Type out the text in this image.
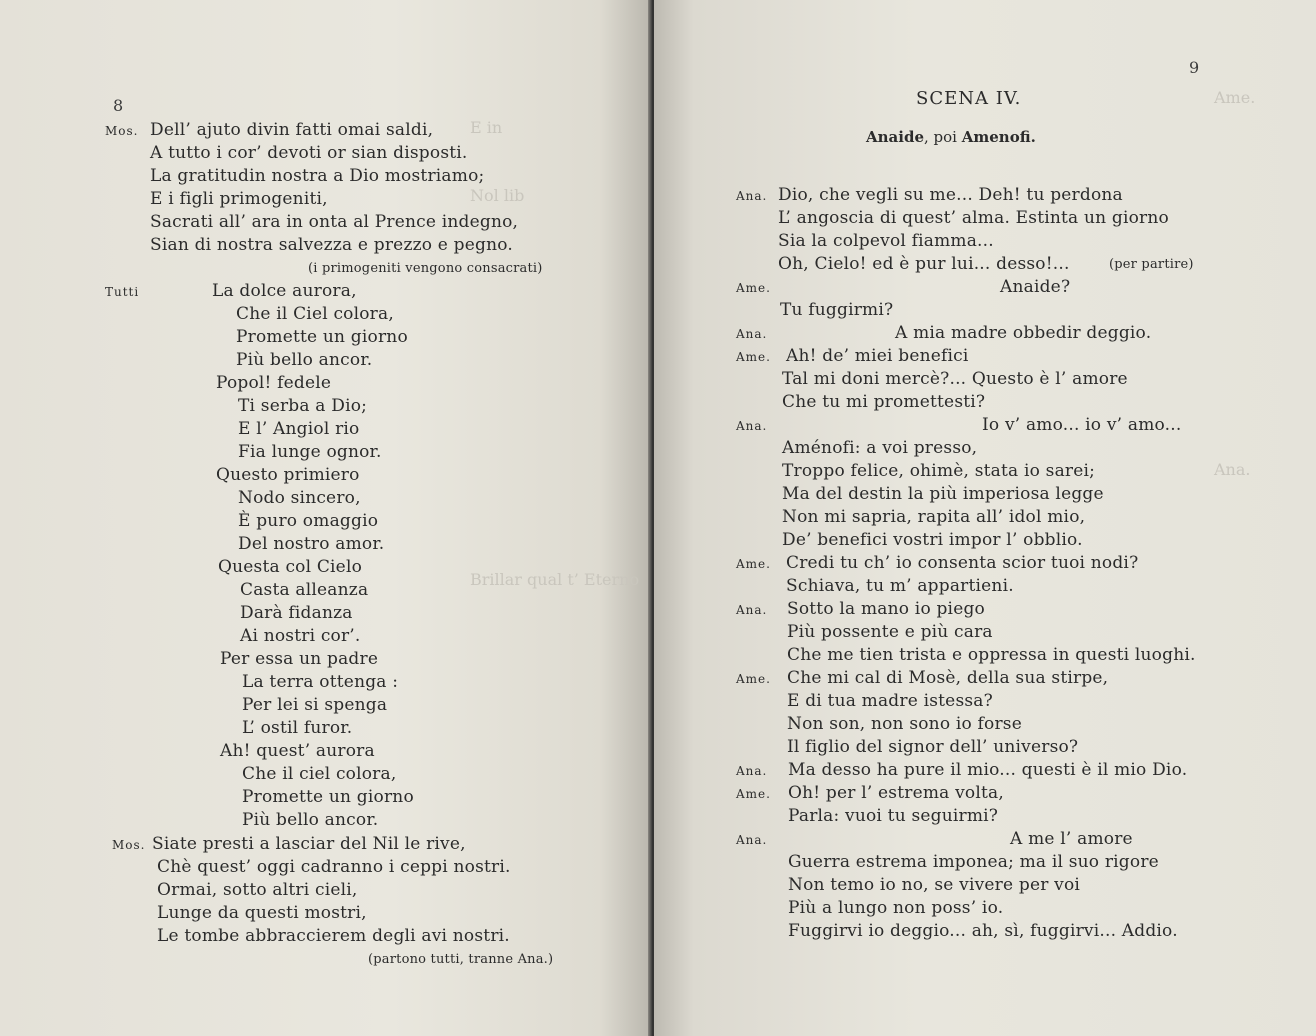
E in
Nol lib
Brillar qual t’ Eterno
8
Mos. Dell’ ajuto divin fatti omai saldi,
A tutto i cor’ devoti or sian disposti.
La gratitudin nostra a Dio mostriamo;
E i figli primogeniti,
Sacrati all’ ara in onta al Prence indegno,
Sian di nostra salvezza e prezzo e pegno.
(i primogeniti vengono consacrati)
Tutti	La dolce aurora,
Che il Ciel colora,
Promette un giorno
Più bello ancor.
Popol! fedele
Ti serba a Dio;
E l’ Angiol rio
Fia lunge ognor.
Questo primiero
Nodo sincero,
È puro omaggio
Del nostro amor.
Questa col Cielo
Casta alleanza
Darà fidanza
Ai nostri cor’.
Per essa un padre
La terra ottenga :
Per lei si spenga
L’ ostil furor.
Ah! quest’ aurora
Che il ciel colora,
Promette un giorno
Più bello ancor.
Mos. Siate presti a lasciar del Nil le rive,
Chè quest’ oggi cadranno i ceppi nostri.
Ormai, sotto altri cieli,
Lunge da questi mostri,
Le tombe abbraccierem degli avi nostri.
(partono tutti, tranne Ana.)
Ame.
Ana.
9
SCENA IV.
Anaide, poi Amenofi.
Ana. Dio, che vegli su me... Deh! tu perdona
L’ angoscia di quest’ alma. Estinta un giorno
Sia la colpevol fiamma...
Oh, Cielo! ed è pur lui... desso!...	(per partire)
Ame.	Anaide?
Tu fuggirmi?
Ana.	A mia madre obbedir deggio.
Ame. Ah! de’ miei benefici
Tal mi doni mercè?... Questo è l’ amore
Che tu mi promettesti?
Ana.	Io v’ amo... io v’ amo...
Aménofi: a voi presso,
Troppo felice, ohimè, stata io sarei;
Ma del destin la più imperiosa legge
Non mi sapria, rapita all’ idol mio,
De’ benefici vostri impor l’ obblio.
Ame. Credi tu ch’ io consenta scior tuoi nodi?
Schiava, tu m’ appartieni.
Ana. Sotto la mano io piego
Più possente e più cara
Che me tien trista e oppressa in questi luoghi.
Ame. Che mi cal di Mosè, della sua stirpe,
E di tua madre istessa?
Non son, non sono io forse
Il figlio del signor dell’ universo?
Ana. Ma desso ha pure il mio... questi è il mio Dio.
Ame. Oh! per l’ estrema volta,
Parla: vuoi tu seguirmi?
Ana.	A me l’ amore
Guerra estrema imponea; ma il suo rigore
Non temo io no, se vivere per voi
Più a lungo non poss’ io.
Fuggirvi io deggio... ah, sì, fuggirvi... Addio.
